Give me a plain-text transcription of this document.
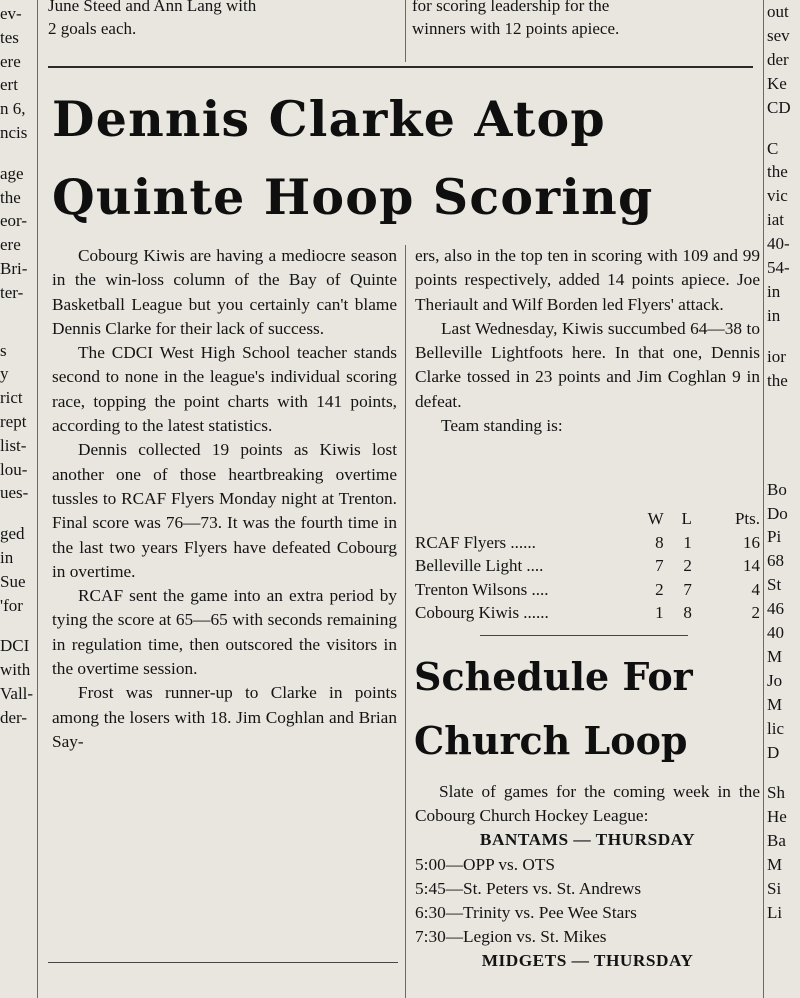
June Steed and Ann Lang with
2 goals each.
for scoring leadership for the
winners with 12 points apiece.
ev-
tes
ere
ert
n 6,
ncis
age
the
eor-
ere
Bri-
ter-
s
y
rict
rept
list-
lou-
ues-
ged
in
Sue
'for
DCI
with
Vall-
der-
out
sev
der
Ke
CD
C
the
vic
iat
40-
54-
in
in
ior
the
Bo
Do
Pi
68
St
46
40
M
Jo
M
lic
D
Sh
He
Ba
M
Si
Li
Dennis Clarke Atop
Quinte Hoop Scoring

Cobourg Kiwis are having a mediocre season in the win-loss column of the Bay of Quinte Basketball League but you certainly can't blame Dennis Clarke for their lack of success.

The CDCI West High School teacher stands second to none in the league's individual scoring race, topping the point charts with 141 points, according to the latest statistics.

Dennis collected 19 points as Kiwis lost another one of those heartbreaking overtime tussles to RCAF Flyers Monday night at Trenton. Final score was 76—73. It was the fourth time in the last two years Flyers have defeated Cobourg in overtime.

RCAF sent the game into an extra period by tying the score at 65—65 with seconds remaining in regulation time, then outscored the visitors in the overtime session.

Frost was runner-up to Clarke in points among the losers with 18. Jim Coghlan and Brian Say-

ers, also in the top ten in scoring with 109 and 99 points respectively, added 14 points apiece. Joe Theriault and Wilf Borden led Flyers' attack.

Last Wednesday, Kiwis succumbed 64—38 to Belleville Lightfoots here. In that one, Dennis Clarke tossed in 23 points and Jim Coghlan 9 in defeat.

Team standing is:

	W	L	Pts.
RCAF Flyers ......	8	1	16
Belleville Light ....	7	2	14
Trenton Wilsons ....	2	7	4
Cobourg Kiwis ......	1	8	2
Schedule For
Church Loop
Slate of games for the coming week in the Cobourg Church Hockey League:
BANTAMS — THURSDAY
5:00—OPP vs. OTS
5:45—St. Peters vs. St. Andrews
6:30—Trinity vs. Pee Wee Stars
7:30—Legion vs. St. Mikes
MIDGETS — THURSDAY
